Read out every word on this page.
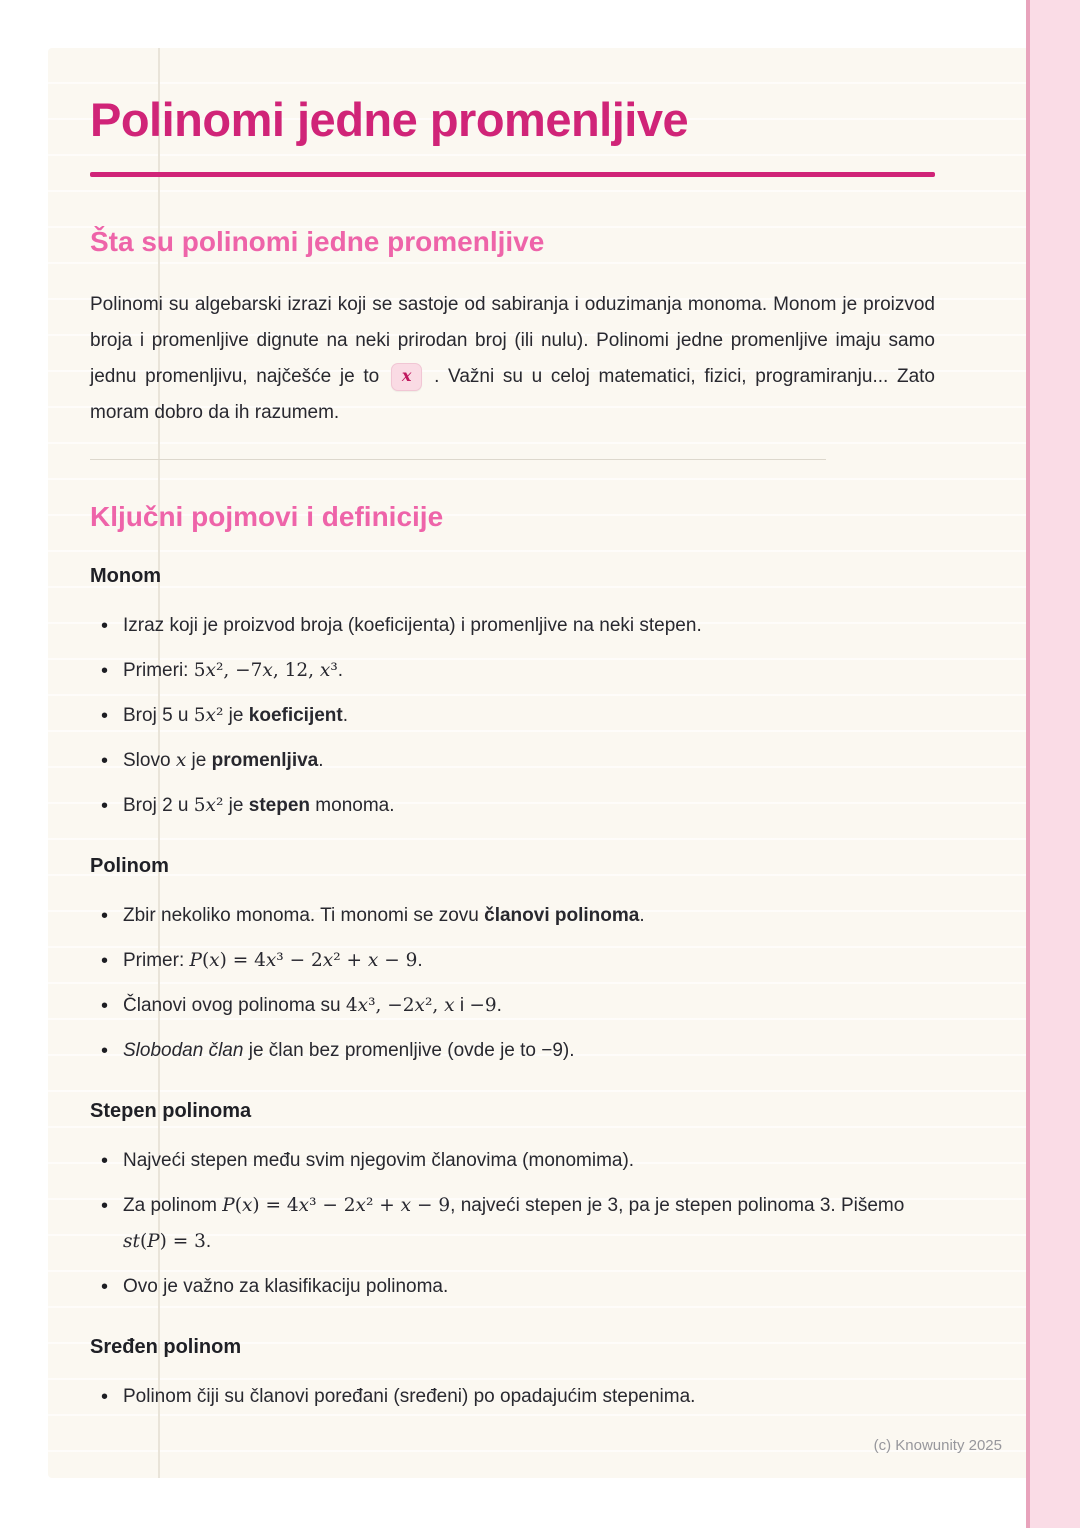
Polinomi jedne promenljive
Šta su polinomi jedne promenljive

Polinomi su algebarski izrazi koji se sastoje od sabiranja i oduzimanja monoma. Monom je proizvod broja i promenljive dignute na neki prirodan broj (ili nulu). Polinomi jedne promenljive imaju samo jednu promenljivu, najčešće je to x . Važni su u celoj matematici, fizici, programiranju... Zato moram dobro da ih razumem.

Ključni pojmovi i definicije
Monom
• Izraz koji je proizvod broja (koeficijenta) i promenljive na neki stepen.
• Primeri: 5x², −7x, 12, x³.
• Broj 5 u 5x² je koeficijent.
• Slovo x je promenljiva.
• Broj 2 u 5x² je stepen monoma.
Polinom
• Zbir nekoliko monoma. Ti monomi se zovu članovi polinoma.
• Primer: P(x) = 4x³ − 2x² + x − 9.
• Članovi ovog polinoma su 4x³, −2x², x i −9.
• Slobodan član je član bez promenljive (ovde je to −9).
Stepen polinoma
• Najveći stepen među svim njegovim članovima (monomima).
• Za polinom P(x) = 4x³ − 2x² + x − 9, najveći stepen je 3, pa je stepen polinoma 3. Pišemo st(P) = 3.
• Ovo je važno za klasifikaciju polinoma.
Sređen polinom
• Polinom čiji su članovi poređani (sređeni) po opadajućim stepenima.
(c) Knowunity 2025
